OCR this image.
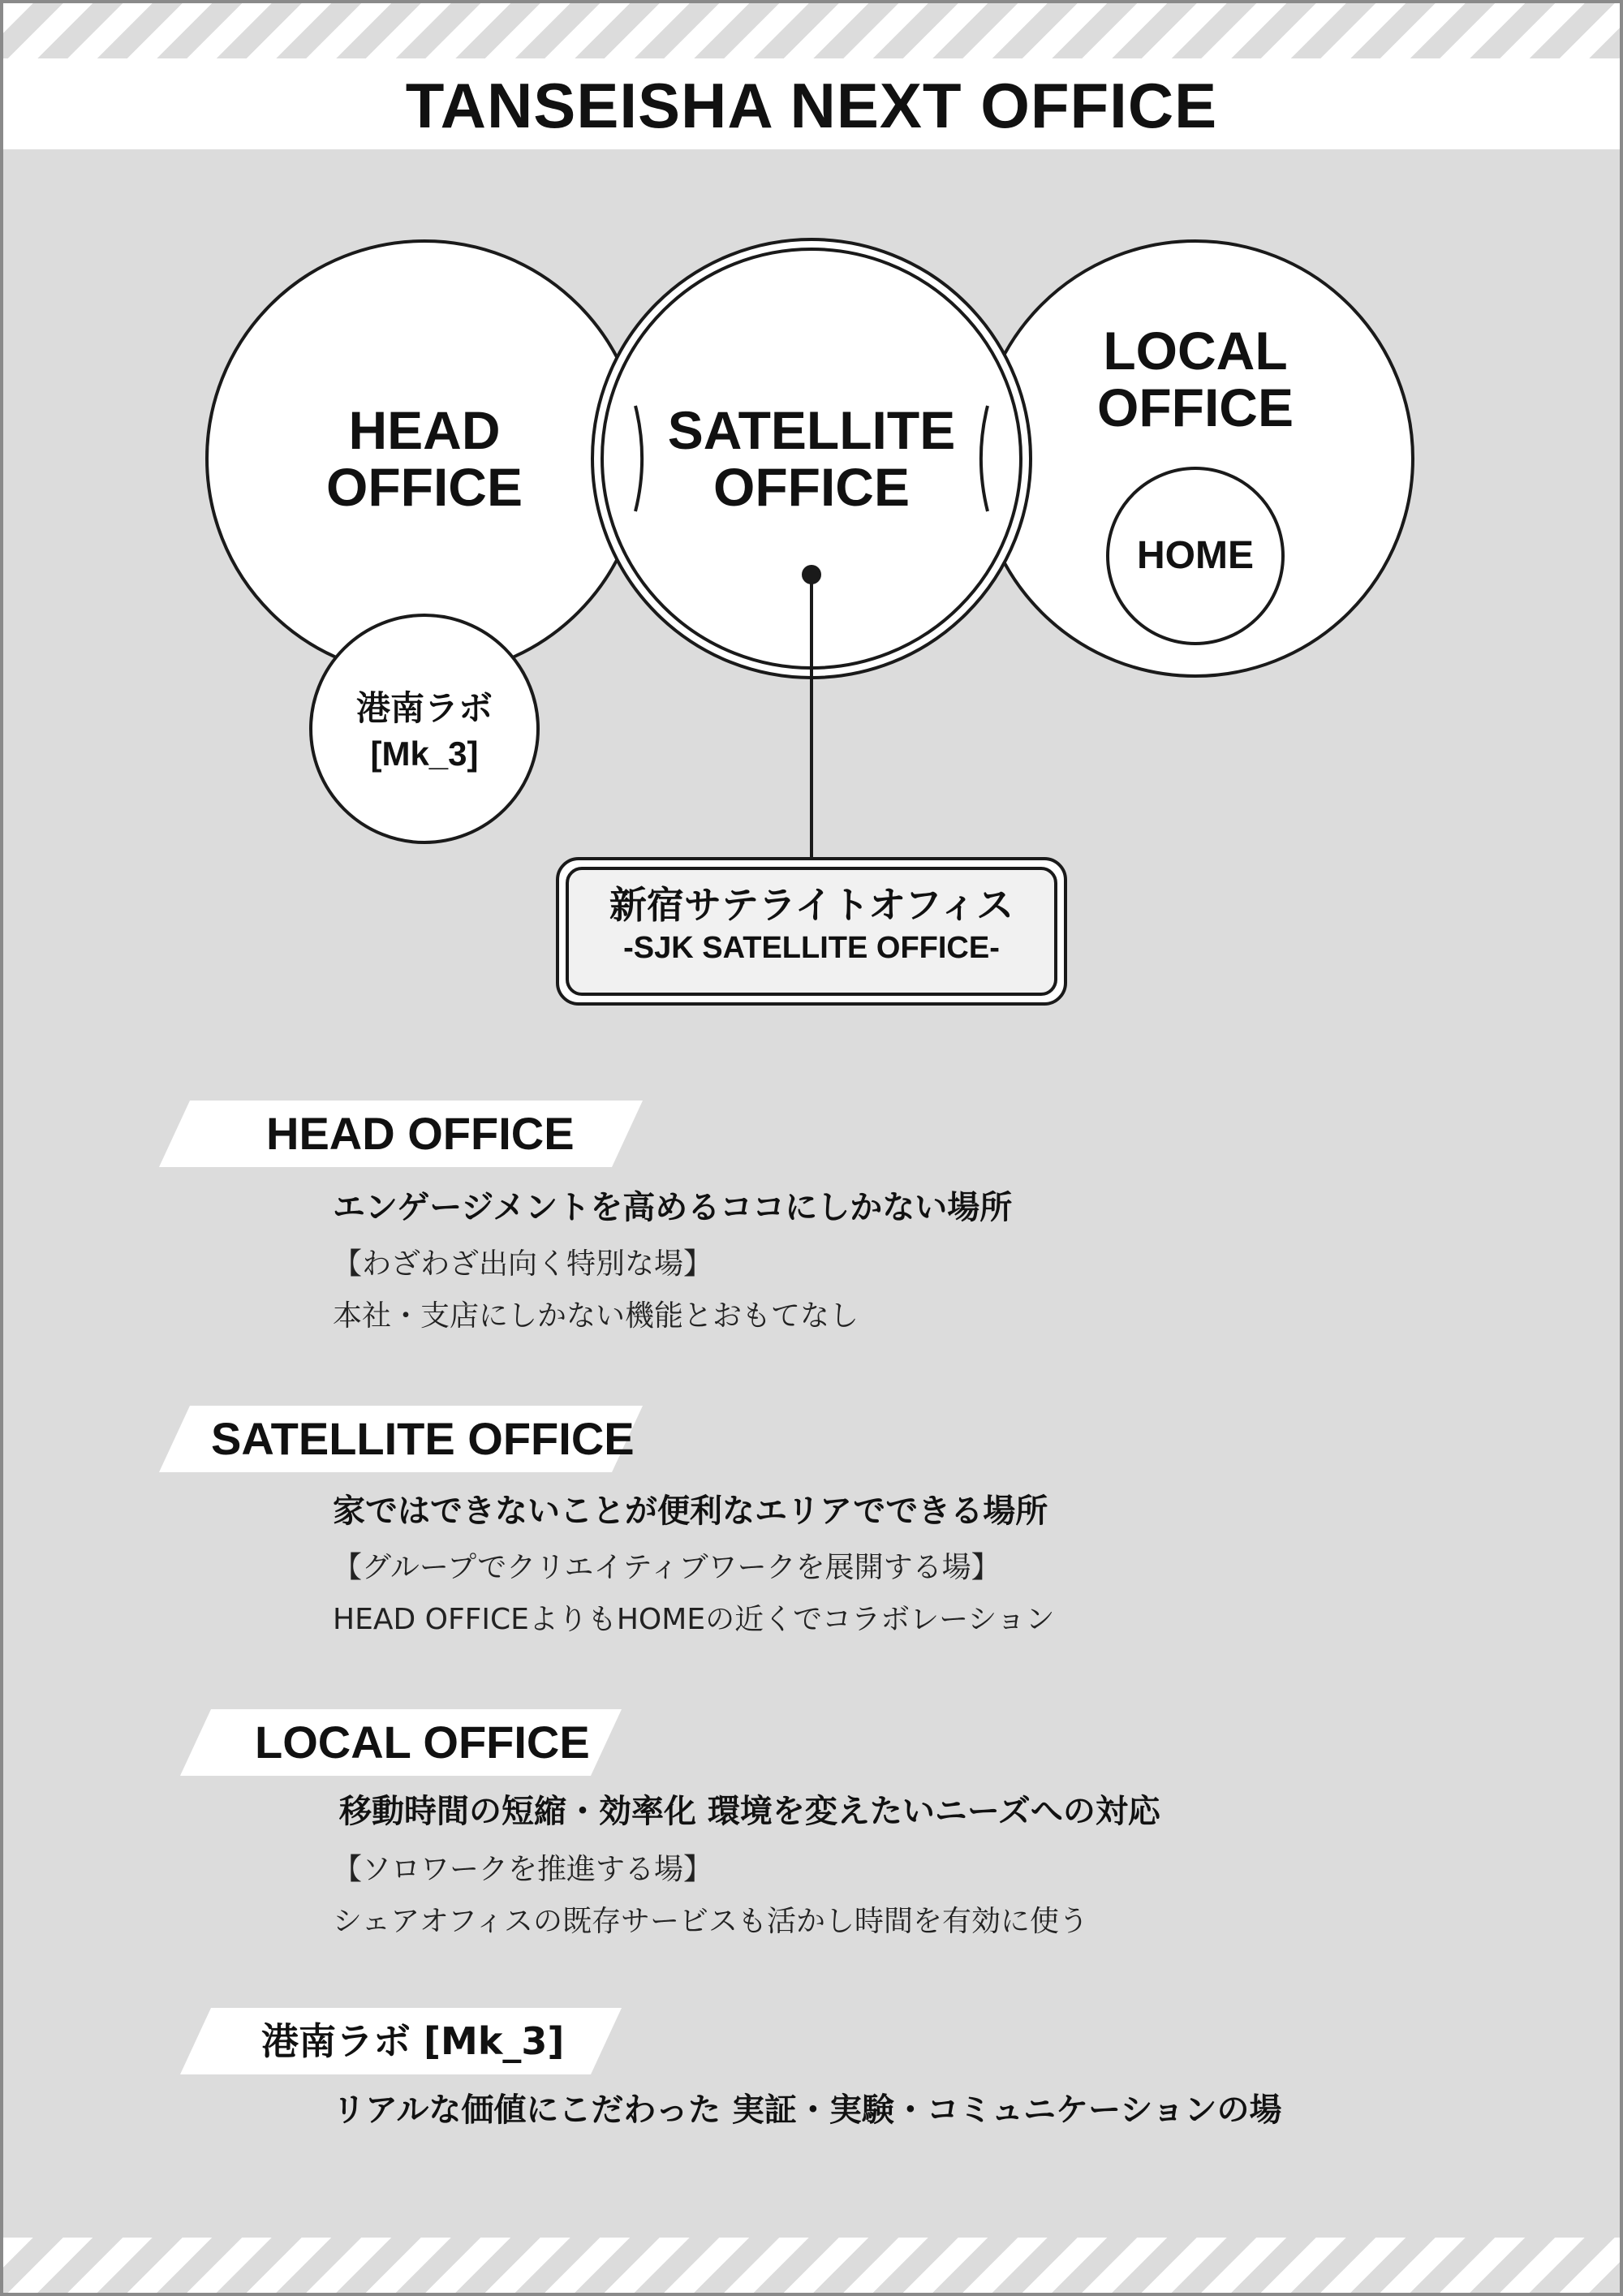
TANSEISHA NEXT OFFICE
HEAD
OFFICE
SATELLITE
OFFICE
LOCAL
OFFICE
HOME
港南ラボ
[Mk_3]
新宿サテライトオフィス
-SJK SATELLITE OFFICE-
HEAD OFFICE
エンゲージメントを高めるココにしかない場所
【わざわざ出向く特別な場】
本社・支店にしかない機能とおもてなし
SATELLITE OFFICE
家ではできないことが便利なエリアでできる場所
【グループでクリエイティブワークを展開する場】
HEAD OFFICEよりもHOMEの近くでコラボレーション
LOCAL OFFICE
移動時間の短縮・効率化 環境を変えたいニーズへの対応
【ソロワークを推進する場】
シェアオフィスの既存サービスも活かし時間を有効に使う
港南ラボ [Mk_3]
リアルな価値にこだわった 実証・実験・コミュニケーションの場
